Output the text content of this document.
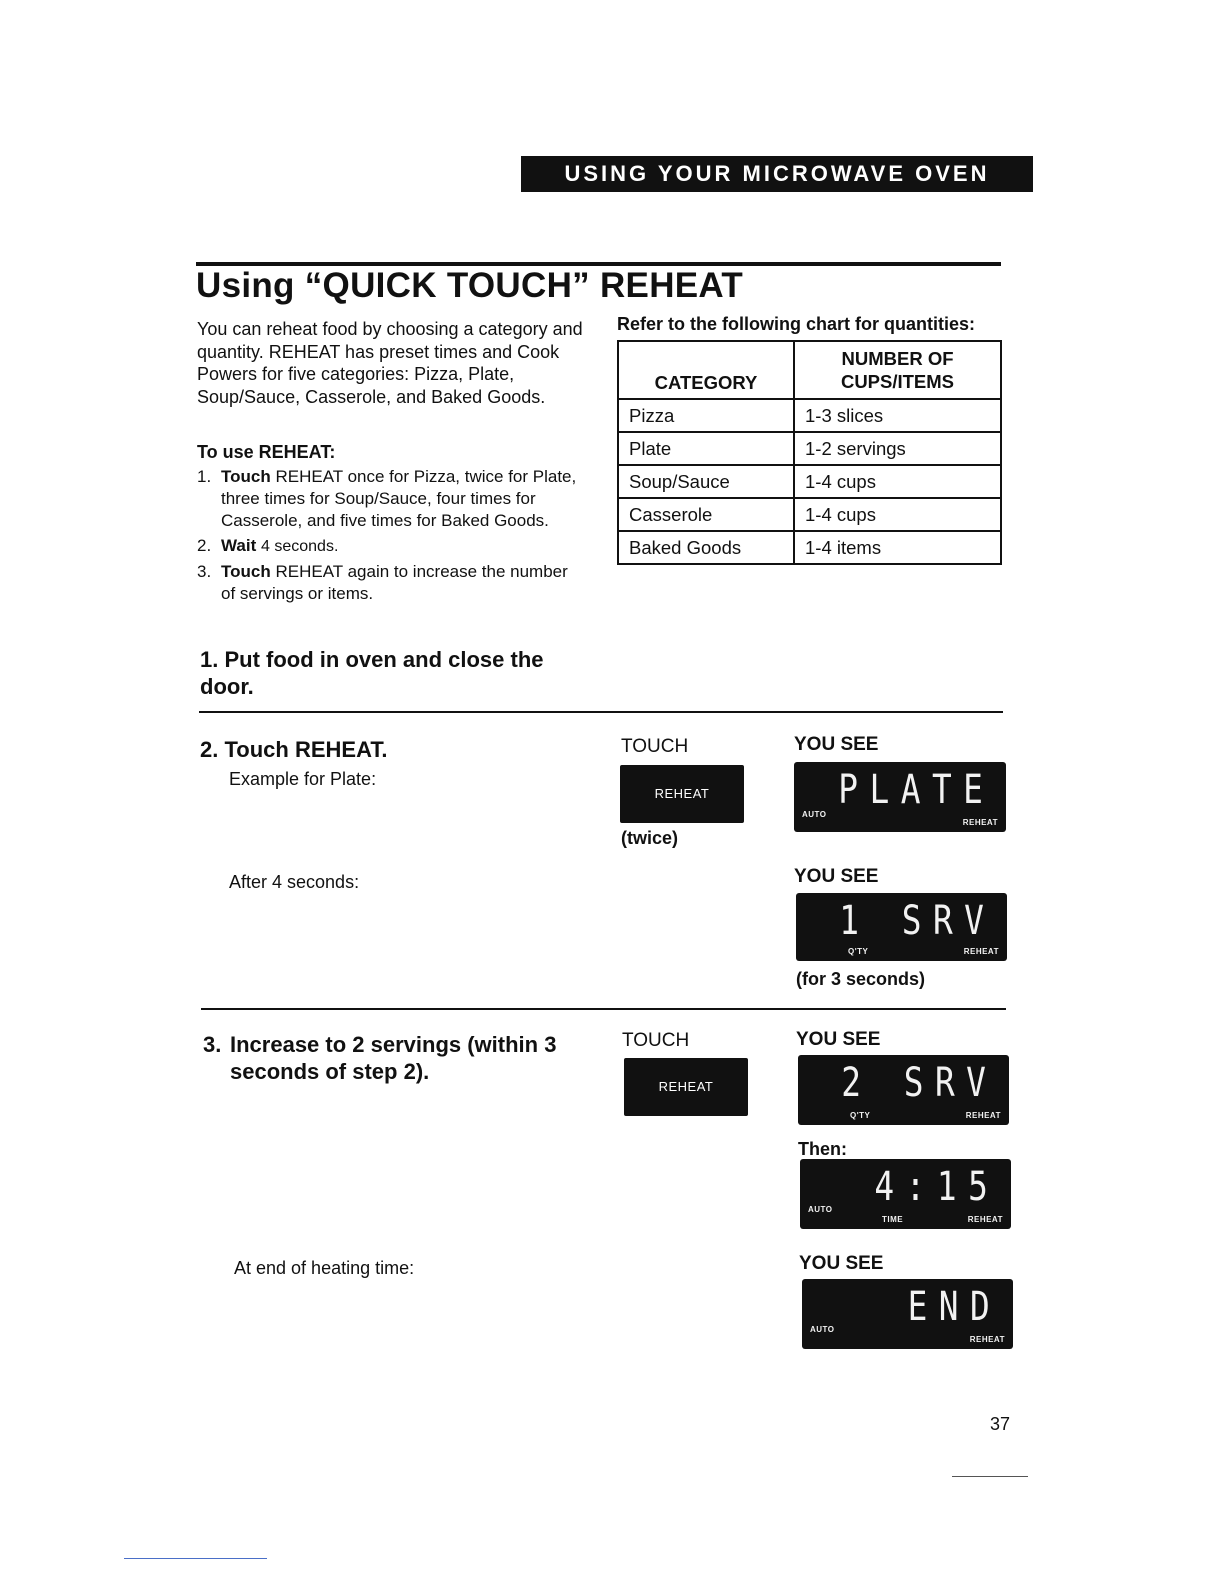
USING YOUR MICROWAVE OVEN
Using “QUICK TOUCH” REHEAT
You can reheat food by choosing a category and quantity. REHEAT has preset times and Cook Powers for five categories: Pizza, Plate, Soup/Sauce, Casserole, and Baked Goods.
To use REHEAT:
1. Touch REHEAT once for Pizza, twice for Plate, three times for Soup/Sauce, four times for Casserole, and five times for Baked Goods.
2. Wait 4 seconds.
3. Touch REHEAT again to increase the number of servings or items.
Refer to the following chart for quantities:
CATEGORY	NUMBER OF CUPS/ITEMS
Pizza	1-3 slices
Plate	1-2 servings
Soup/Sauce	1-4 cups
Casserole	1-4 cups
Baked Goods	1-4 items
1. Put food in oven and close the door.
2. Touch REHEAT.
Example for Plate:
After 4 seconds:
TOUCH
REHEAT
(twice)
YOU SEE
PLATE
AUTO
REHEAT
YOU SEE
1 SRV
Q'TY	REHEAT
(for 3 seconds)
3. Increase to 2 servings (within 3 seconds of step 2).
TOUCH
REHEAT
YOU SEE
2 SRV
Q'TY	REHEAT
Then:
4:15
AUTO
TIME	REHEAT
At end of heating time:	YOU SEE
END
AUTO
REHEAT
37
